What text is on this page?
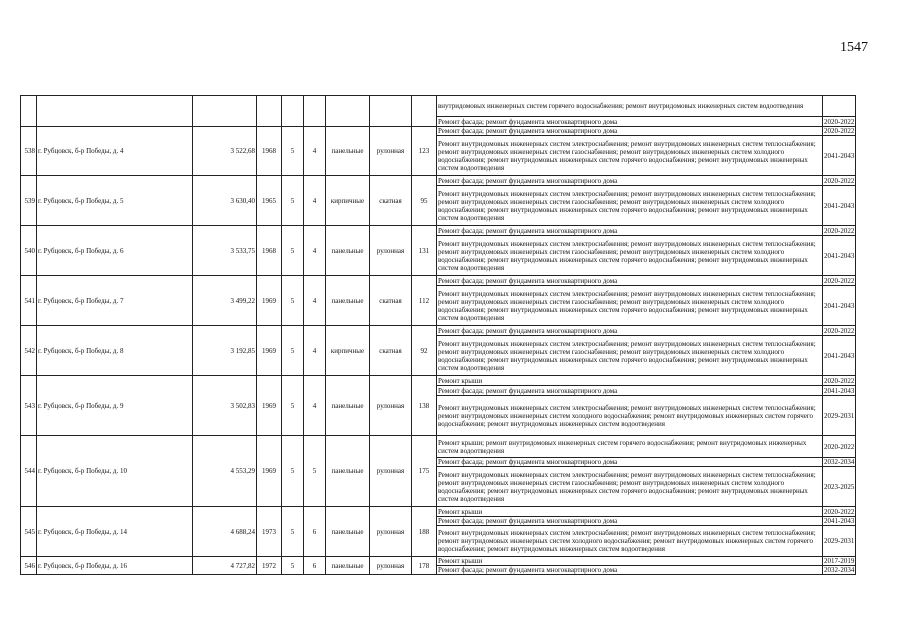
1547
									внутридомовых инженерных систем горячего водоснабжения; ремонт внутридомовых инженерных систем водоотведения	
									Ремонт фасада; ремонт фундамента многоквартирного дома	2020-2022
538	г. Рубцовск, б-р Победы, д. 4	3 522,68	1968	5	4	панельные	рулонная	123	Ремонт фасада; ремонт фундамента многоквартирного дома	2020-2022
									Ремонт внутридомовых инженерных систем электроснабжения; ремонт внутридомовых инженерных систем теплоснабжения; ремонт внутридомовых инженерных систем газоснабжения; ремонт внутридомовых инженерных систем холодного водоснабжения; ремонт внутридомовых инженерных систем горячего водоснабжения; ремонт внутридомовых инженерных систем водоотведения	2041-2043
539	г. Рубцовск, б-р Победы, д. 5	3 630,40	1965	5	4	кирпичные	скатная	95	Ремонт фасада; ремонт фундамента многоквартирного дома	2020-2022
									Ремонт внутридомовых инженерных систем электроснабжения; ремонт внутридомовых инженерных систем теплоснабжения; ремонт внутридомовых инженерных систем газоснабжения; ремонт внутридомовых инженерных систем холодного водоснабжения; ремонт внутридомовых инженерных систем горячего водоснабжения; ремонт внутридомовых инженерных систем водоотведения	2041-2043
540	г. Рубцовск, б-р Победы, д. 6	3 533,75	1968	5	4	панельные	рулонная	131	Ремонт фасада; ремонт фундамента многоквартирного дома	2020-2022
									Ремонт внутридомовых инженерных систем электроснабжения; ремонт внутридомовых инженерных систем теплоснабжения; ремонт внутридомовых инженерных систем газоснабжения; ремонт внутридомовых инженерных систем холодного водоснабжения; ремонт внутридомовых инженерных систем горячего водоснабжения; ремонт внутридомовых инженерных систем водоотведения	2041-2043
541	г. Рубцовск, б-р Победы, д. 7	3 499,22	1969	5	4	панельные	скатная	112	Ремонт фасада; ремонт фундамента многоквартирного дома	2020-2022
									Ремонт внутридомовых инженерных систем электроснабжения; ремонт внутридомовых инженерных систем теплоснабжения; ремонт внутридомовых инженерных систем газоснабжения; ремонт внутридомовых инженерных систем холодного водоснабжения; ремонт внутридомовых инженерных систем горячего водоснабжения; ремонт внутридомовых инженерных систем водоотведения	2041-2043
542	г. Рубцовск, б-р Победы, д. 8	3 192,85	1969	5	4	кирпичные	скатная	92	Ремонт фасада; ремонт фундамента многоквартирного дома	2020-2022
									Ремонт внутридомовых инженерных систем электроснабжения; ремонт внутридомовых инженерных систем теплоснабжения; ремонт внутридомовых инженерных систем газоснабжения; ремонт внутридомовых инженерных систем холодного водоснабжения; ремонт внутридомовых инженерных систем горячего водоснабжения; ремонт внутридомовых инженерных систем водоотведения	2041-2043
543	г. Рубцовск, б-р Победы, д. 9	3 502,83	1969	5	4	панельные	рулонная	138	Ремонт крыши	2020-2022
									Ремонт фасада; ремонт фундамента многоквартирного дома	2041-2043
									Ремонт внутридомовых инженерных систем электроснабжения; ремонт внутридомовых инженерных систем теплоснабжения; ремонт внутридомовых инженерных систем холодного водоснабжения; ремонт внутридомовых инженерных систем горячего водоснабжения; ремонт внутридомовых инженерных систем водоотведения	2029-2031
544	г. Рубцовск, б-р Победы, д. 10	4 553,29	1969	5	5	панельные	рулонная	175	Ремонт крыши; ремонт внутридомовых инженерных систем горячего водоснабжения; ремонт внутридомовых инженерных систем водоотведения	2020-2022
									Ремонт фасада; ремонт фундамента многоквартирного дома	2032-2034
									Ремонт внутридомовых инженерных систем электроснабжения; ремонт внутридомовых инженерных систем теплоснабжения; ремонт внутридомовых инженерных систем газоснабжения; ремонт внутридомовых инженерных систем холодного водоснабжения; ремонт внутридомовых инженерных систем горячего водоснабжения; ремонт внутридомовых инженерных систем водоотведения	2023-2025
545	г. Рубцовск, б-р Победы, д. 14	4 688,24	1973	5	6	панельные	рулонная	188	Ремонт крыши	2020-2022
									Ремонт фасада; ремонт фундамента многоквартирного дома	2041-2043
									Ремонт внутридомовых инженерных систем электроснабжения; ремонт внутридомовых инженерных систем теплоснабжения; ремонт внутридомовых инженерных систем холодного водоснабжения; ремонт внутридомовых инженерных систем горячего водоснабжения; ремонт внутридомовых инженерных систем водоотведения	2029-2031
546	г. Рубцовск, б-р Победы, д. 16	4 727,82	1972	5	6	панельные	рулонная	178	Ремонт крыши	2017-2019
									Ремонт фасада; ремонт фундамента многоквартирного дома	2032-2034
